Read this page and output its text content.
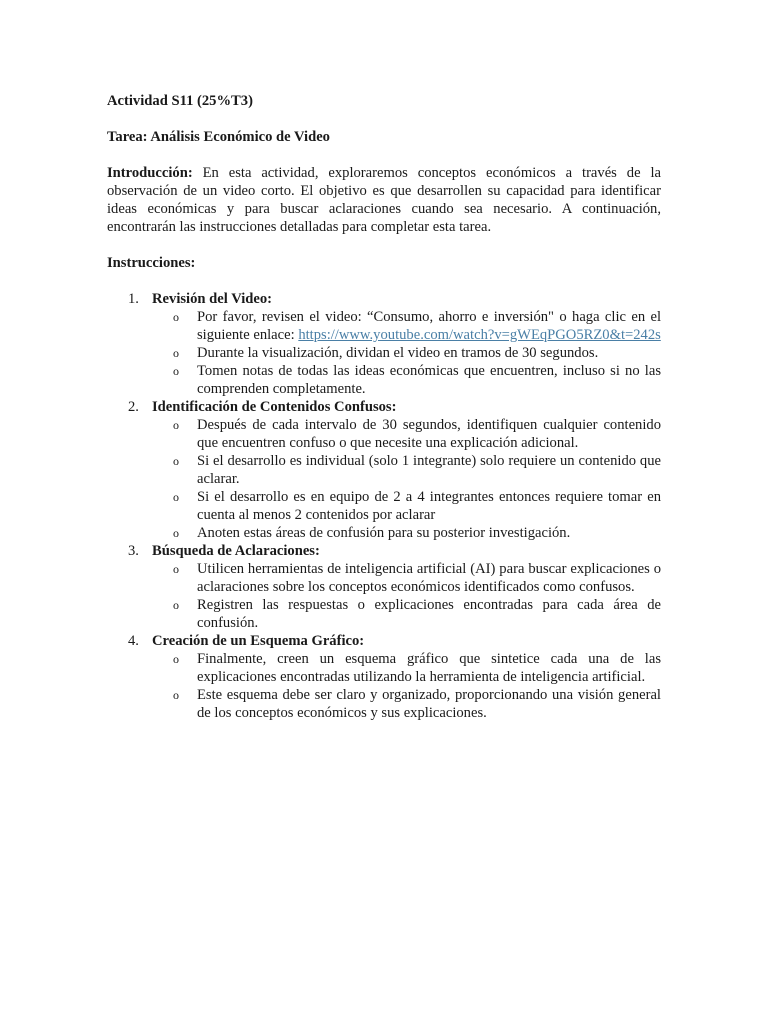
Actividad S11 (25%T3)

Tarea: Análisis Económico de Video

Introducción: En esta actividad, exploraremos conceptos económicos a través de la observación de un video corto. El objetivo es que desarrollen su capacidad para identificar ideas económicas y para buscar aclaraciones cuando sea necesario. A continuación, encontrarán las instrucciones detalladas para completar esta tarea.

Instrucciones:

1. Revisión del Video:
o Por favor, revisen el video: “Consumo, ahorro e inversión" o haga clic en el siguiente enlace: https://www.youtube.com/watch?v=gWEqPGO5RZ0&t=242s
o Durante la visualización, dividan el video en tramos de 30 segundos.
o Tomen notas de todas las ideas económicas que encuentren, incluso si no las comprenden completamente.
2. Identificación de Contenidos Confusos:
o Después de cada intervalo de 30 segundos, identifiquen cualquier contenido que encuentren confuso o que necesite una explicación adicional.
o Si el desarrollo es individual (solo 1 integrante) solo requiere un contenido que aclarar.
o Si el desarrollo es en equipo de 2 a 4 integrantes entonces requiere tomar en cuenta al menos 2 contenidos por aclarar
o Anoten estas áreas de confusión para su posterior investigación.
3. Búsqueda de Aclaraciones:
o Utilicen herramientas de inteligencia artificial (AI) para buscar explicaciones o aclaraciones sobre los conceptos económicos identificados como confusos.
o Registren las respuestas o explicaciones encontradas para cada área de confusión.
4. Creación de un Esquema Gráfico:
o Finalmente, creen un esquema gráfico que sintetice cada una de las explicaciones encontradas utilizando la herramienta de inteligencia artificial.
o Este esquema debe ser claro y organizado, proporcionando una visión general de los conceptos económicos y sus explicaciones.
